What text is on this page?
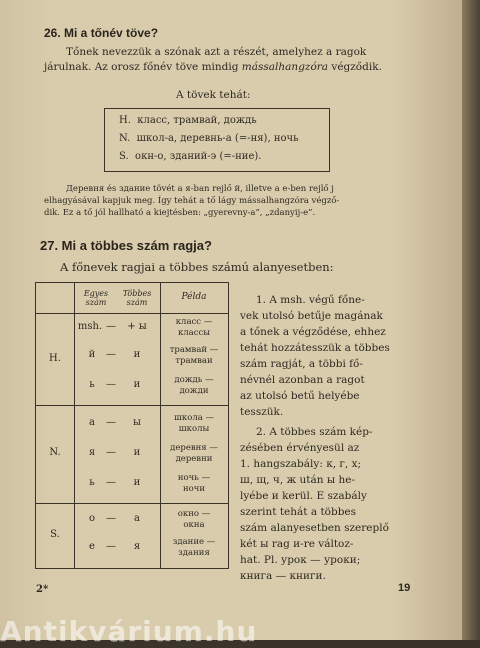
26. Mi a tőnév töve?
Tőnek nevezzük a szónak azt a részét, amelyhez a ragok
járulnak. Az orosz főnév töve mindig mássalhangzóra végződik.
A tövek tehát:
H. класс, трамвай, дождь
N. школ-а, деревнь-а (=-ня), ночь
S. окн-о, зданий-э (=-ние).
Деревня és здание tövét a я-ban rejlő й, illetve a е-ben rejlő j
elhagyásával kapjuk meg. Így tehát a tő lágy mássalhangzóra végző-
dik. Ez a tő jól hallható a kiejtésben: „gyerevny-a”, „zdanyij-e”.
27. Mi a többes szám ragja?
A főnevek ragjai a többes számú alanyesetben:
Egyes
szám
Többes
szám
Példa
H.
msh. —	+ ы	класс —
классы
й	—	и	трамвай —
трамваи
ь	—	и	дождь —
дожди
N.
а	—	ы	школа —
школы
я	—	и	деревня —
деревни
ь	—	и	ночь —
ночи
S.
о	—	а	окно —
окна
е	—	я	здание —
здания
1. A msh. végű főne-
vek utolsó betűje magának
a tőnek a végződése, ehhez
tehát hozzátesszük a többes
szám ragját, a többi fő-
névnél azonban a ragot
az utolsó betű helyébe
tesszük.
2. A többes szám kép-
zésében érvényesül az
1. hangszabály: к, г, х;
ш, щ, ч, ж után ы he-
lyébe и kerül. E szabály
szerint tehát a többes
szám alanyesetben szereplő
két ы rag и-re változ-
hat. Pl. урок — уроки;
книга — книги.
2*	19
Antikvárium.hu
